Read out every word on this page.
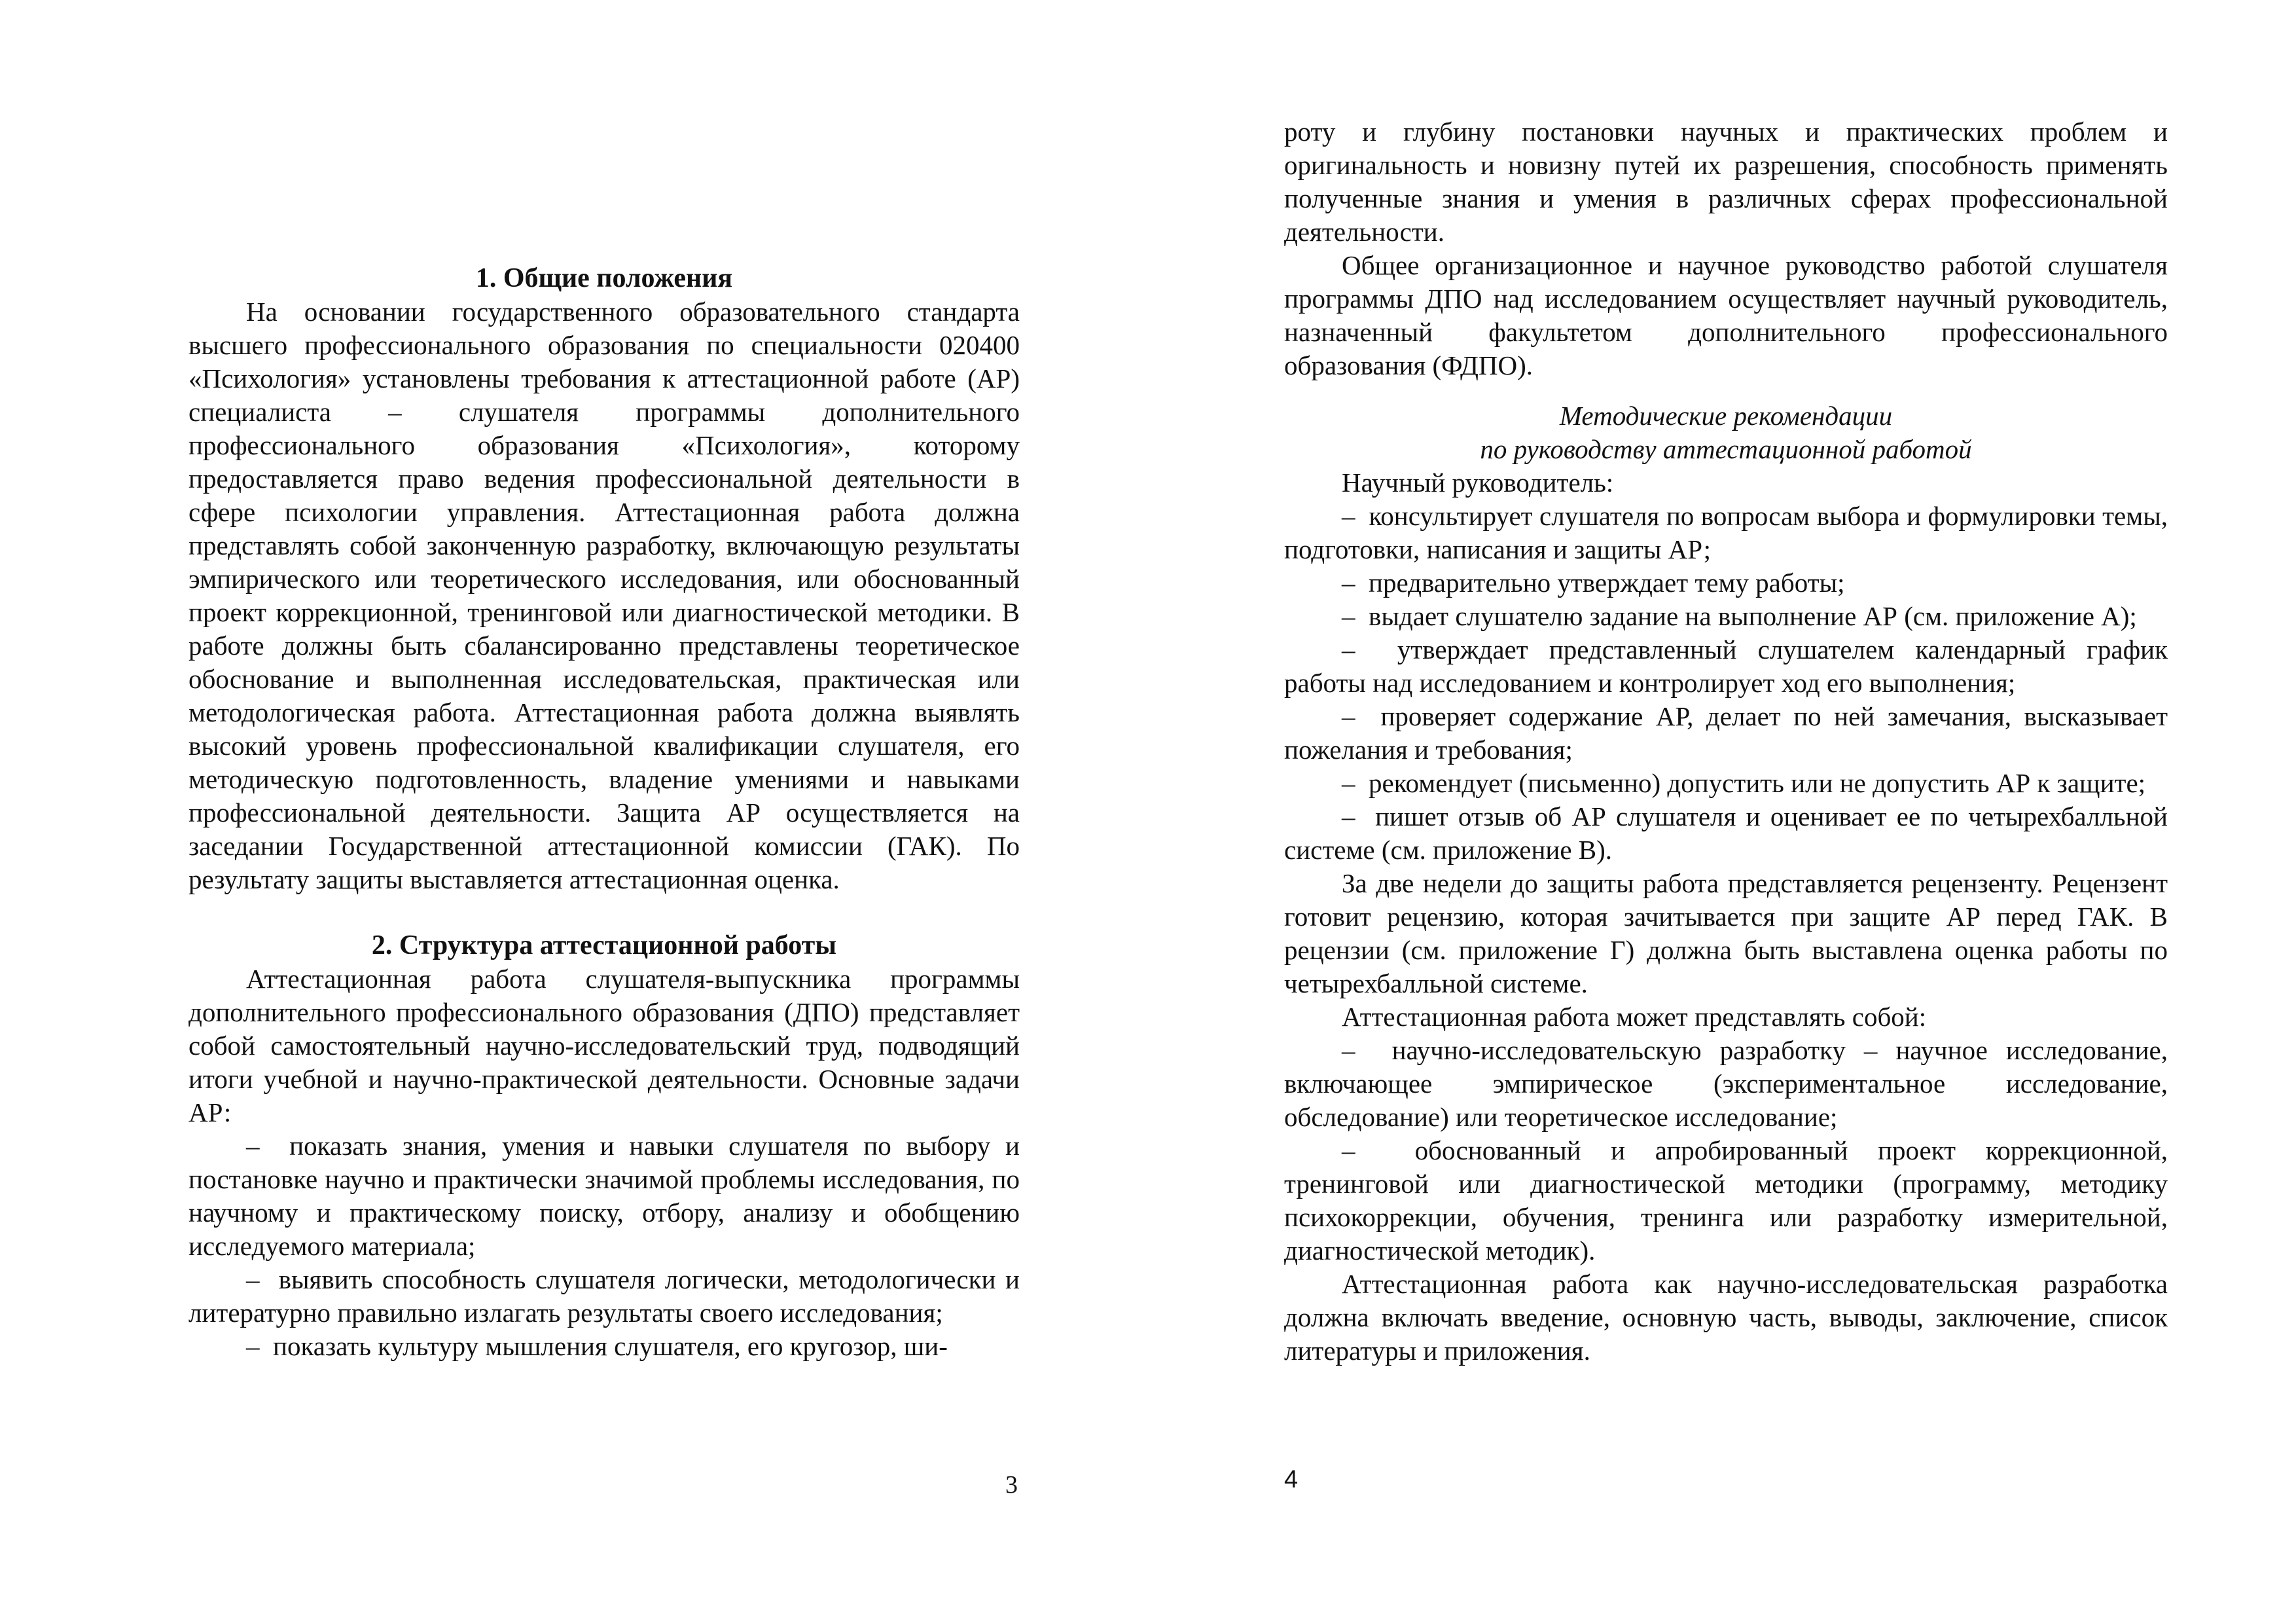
1. Общие положения

На основании государственного образовательного стандарта высшего профессионального образования по специальности 020400 «Психология» установлены требования к аттестационной работе (АР) специалиста – слушателя программы дополнительного профессионального образования «Психология», которому предоставляется право ведения профессиональной деятельности в сфере психологии управления. Аттестационная работа должна представлять собой законченную разработку, включающую результаты эмпирического или теоретического исследования, или обоснованный проект коррекционной, тренинговой или диагностической методики. В работе должны быть сбалансированно представлены теоретическое обоснование и выполненная исследовательская, практическая или методологическая работа. Аттестационная работа должна выявлять высокий уровень профессиональной квалификации слушателя, его методическую подготовленность, владение умениями и навыками профессиональной деятельности. Защита АР осуществляется на заседании Государственной аттестационной комиссии (ГАК). По результату защиты выставляется аттестационная оценка.

2. Структура аттестационной работы

Аттестационная работа слушателя-выпускника программы дополнительного профессионального образования (ДПО) представляет собой самостоятельный научно-исследовательский труд, подводящий итоги учебной и научно-практической деятельности. Основные задачи АР:

–  показать знания, умения и навыки слушателя по выбору и постановке научно и практически значимой проблемы исследования, по научному и практическому поиску, отбору, анализу и обобщению исследуемого материала;

–  выявить способность слушателя логически, методологически и литературно правильно излагать результаты своего исследования;

–  показать культуру мышления слушателя, его кругозор, ши-

3

роту и глубину постановки научных и практических проблем и оригинальность и новизну путей их разрешения, способность применять полученные знания и умения в различных сферах профессиональной деятельности.

Общее организационное и научное руководство работой слушателя программы ДПО над исследованием осуществляет научный руководитель, назначенный факультетом дополнительного профессионального образования (ФДПО).

Методические рекомендации

по руководству аттестационной работой

Научный руководитель:

–  консультирует слушателя по вопросам выбора и формулировки темы, подготовки, написания и защиты АР;

–  предварительно утверждает тему работы;

–  выдает слушателю задание на выполнение АР (см. приложение А);

–  утверждает представленный слушателем календарный график работы над исследованием и контролирует ход его выполнения;

–  проверяет содержание АР, делает по ней замечания, высказывает пожелания и требования;

–  рекомендует (письменно) допустить или не допустить АР к защите;

–  пишет отзыв об АР слушателя и оценивает ее по четырехбалльной системе (см. приложение В).

За две недели до защиты работа представляется рецензенту. Рецензент готовит рецензию, которая зачитывается при защите АР перед ГАК. В рецензии (см. приложение Г) должна быть выставлена оценка работы по четырехбалльной системе.

Аттестационная работа может представлять собой:

–  научно-исследовательскую разработку – научное исследование, включающее эмпирическое (экспериментальное исследование, обследование) или теоретическое исследование;

–  обоснованный и апробированный проект коррекционной, тренинговой или диагностической методики (программу, методику психокоррекции, обучения, тренинга или разработку измерительной, диагностической методик).

Аттестационная работа как научно-исследовательская разработка должна включать введение, основную часть, выводы, заключение, список литературы и приложения.

4
